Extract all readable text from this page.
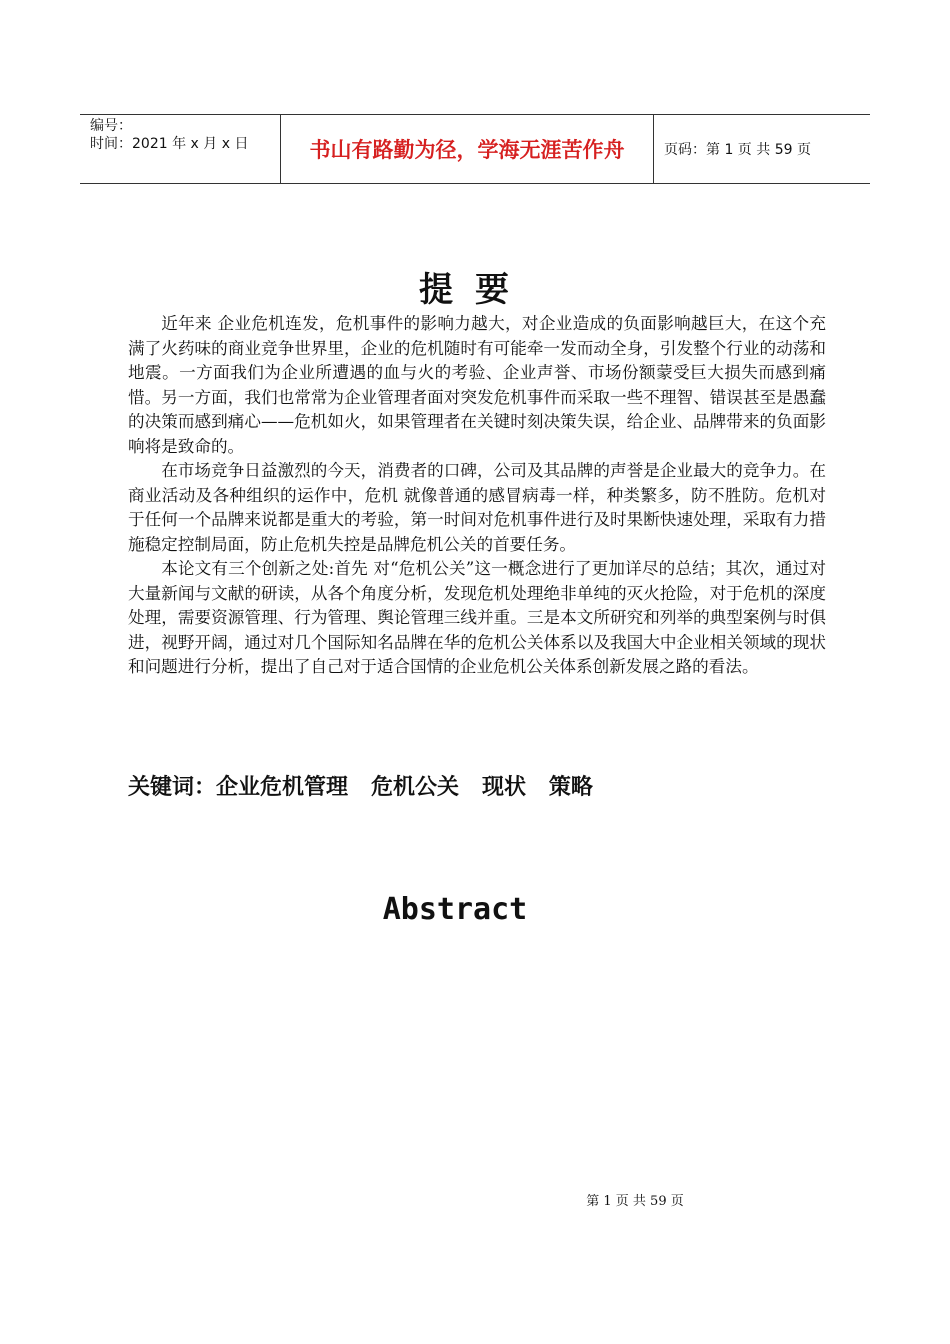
编号：
时间：2021 年 x 月 x 日	书山有路勤为径，学海无涯苦作舟	页码：第 1 页 共 59 页
提要

近年来 企业危机连发，危机事件的影响力越大，对企业造成的负面影响越巨大，在这个充满了火药味的商业竞争世界里，企业的危机随时有可能牵一发而动全身，引发整个行业的动荡和地震。一方面我们为企业所遭遇的血与火的考验、企业声誉、市场份额蒙受巨大损失而感到痛惜。另一方面，我们也常常为企业管理者面对突发危机事件而采取一些不理智、错误甚至是愚蠢的决策而感到痛心——危机如火，如果管理者在关键时刻决策失误，给企业、品牌带来的负面影响将是致命的。

在市场竞争日益激烈的今天，消费者的口碑，公司及其品牌的声誉是企业最大的竞争力。在商业活动及各种组织的运作中，危机 就像普通的感冒病毒一样，种类繁多，防不胜防。危机对于任何一个品牌来说都是重大的考验，第一时间对危机事件进行及时果断快速处理，采取有力措施稳定控制局面，防止危机失控是品牌危机公关的首要任务。

本论文有三个创新之处:首先 对“危机公关”这一概念进行了更加详尽的总结；其次，通过对大量新闻与文献的研读，从各个角度分析，发现危机处理绝非单纯的灭火抢险，对于危机的深度处理，需要资源管理、行为管理、舆论管理三线并重。三是本文所研究和列举的典型案例与时俱进，视野开阔，通过对几个国际知名品牌在华的危机公关体系以及我国大中企业相关领域的现状和问题进行分析，提出了自己对于适合国情的企业危机公关体系创新发展之路的看法。

关键词：企业危机管理   危机公关   现状   策略
Abstract
第 1 页 共 59 页
